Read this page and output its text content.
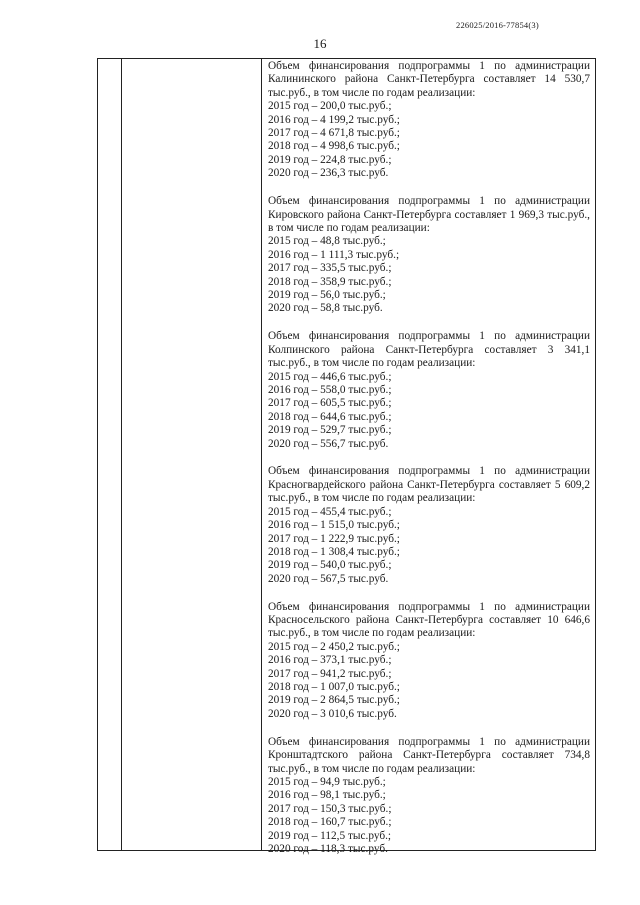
226025/2016-77854(3)
16

Объем финансирования подпрограммы 1 по администрации Калининского района Санкт-Петербурга составляет 14 530,7 тыс.руб., в том числе по годам реализации:

2015 год – 200,0 тыс.руб.;
2016 год – 4 199,2 тыс.руб.;
2017 год – 4 671,8 тыс.руб.;
2018 год – 4 998,6 тыс.руб.;
2019 год – 224,8 тыс.руб.;
2020 год – 236,3 тыс.руб.

Объем финансирования подпрограммы 1 по администрации Кировского района Санкт-Петербурга составляет 1 969,3 тыс.руб., в том числе по годам реализации:

2015 год – 48,8 тыс.руб.;
2016 год – 1 111,3 тыс.руб.;
2017 год – 335,5 тыс.руб.;
2018 год – 358,9 тыс.руб.;
2019 год – 56,0 тыс.руб.;
2020 год – 58,8 тыс.руб.

Объем финансирования подпрограммы 1 по администрации Колпинского района Санкт-Петербурга составляет 3 341,1 тыс.руб., в том числе по годам реализации:

2015 год – 446,6 тыс.руб.;
2016 год – 558,0 тыс.руб.;
2017 год – 605,5 тыс.руб.;
2018 год – 644,6 тыс.руб.;
2019 год – 529,7 тыс.руб.;
2020 год – 556,7 тыс.руб.

Объем финансирования подпрограммы 1 по администрации Красногвардейского района Санкт-Петербурга составляет 5 609,2 тыс.руб., в том числе по годам реализации:

2015 год – 455,4 тыс.руб.;
2016 год – 1 515,0 тыс.руб.;
2017 год – 1 222,9 тыс.руб.;
2018 год – 1 308,4 тыс.руб.;
2019 год – 540,0 тыс.руб.;
2020 год – 567,5 тыс.руб.

Объем финансирования подпрограммы 1 по администрации Красносельского района Санкт-Петербурга составляет 10 646,6 тыс.руб., в том числе по годам реализации:

2015 год – 2 450,2 тыс.руб.;
2016 год – 373,1 тыс.руб.;
2017 год – 941,2 тыс.руб.;
2018 год – 1 007,0 тыс.руб.;
2019 год – 2 864,5 тыс.руб.;
2020 год – 3 010,6 тыс.руб.

Объем финансирования подпрограммы 1 по администрации Кронштадтского района Санкт-Петербурга составляет 734,8 тыс.руб., в том числе по годам реализации:

2015 год – 94,9 тыс.руб.;
2016 год – 98,1 тыс.руб.;
2017 год – 150,3 тыс.руб.;
2018 год – 160,7 тыс.руб.;
2019 год – 112,5 тыс.руб.;
2020 год – 118,3 тыс.руб.
